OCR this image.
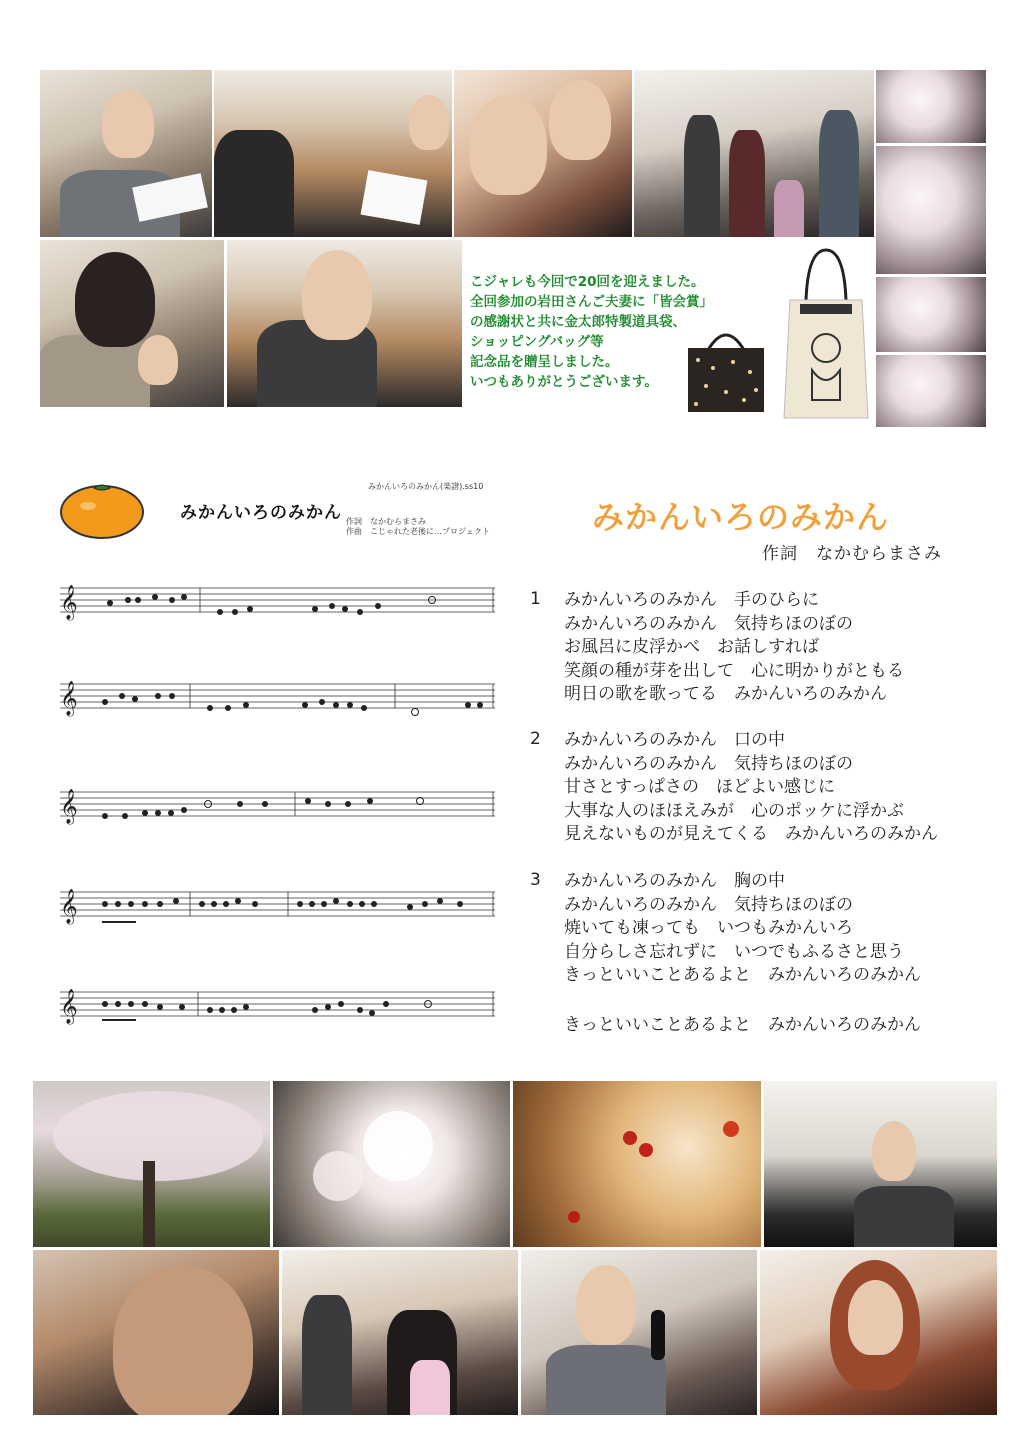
こジャレも今回で20回を迎えました。
全回参加の岩田さんご夫妻に「皆会賞」
の感謝状と共に金太郎特製道具袋、
ショッピングバッグ等
記念品を贈呈しました。
いつもありがとうございます。

みかんいろのみかん(楽譜).ss10
みかんいろのみかん 作詞　なかむらまさみ
作曲　こじゃれた老後に…プロジェクト
𝄞
𝄞
𝄞
𝄞
𝄞
みかんいろのみかん
作詞　なかむらまさみ
1 みかんいろのみかん　手のひらに
みかんいろのみかん　気持ちほのぼの
お風呂に皮浮かべ　お話しすれば
笑顔の種が芽を出して　心に明かりがともる
明日の歌を歌ってる　みかんいろのみかん
2 みかんいろのみかん　口の中
みかんいろのみかん　気持ちほのぼの
甘さとすっぱさの　ほどよい感じに
大事な人のほほえみが　心のポッケに浮かぶ
見えないものが見えてくる　みかんいろのみかん
3 みかんいろのみかん　胸の中
みかんいろのみかん　気持ちほのぼの
焼いても凍っても　いつもみかんいろ
自分らしさ忘れずに　いつでもふるさと思う
きっといいことあるよと　みかんいろのみかん
きっといいことあるよと　みかんいろのみかん
